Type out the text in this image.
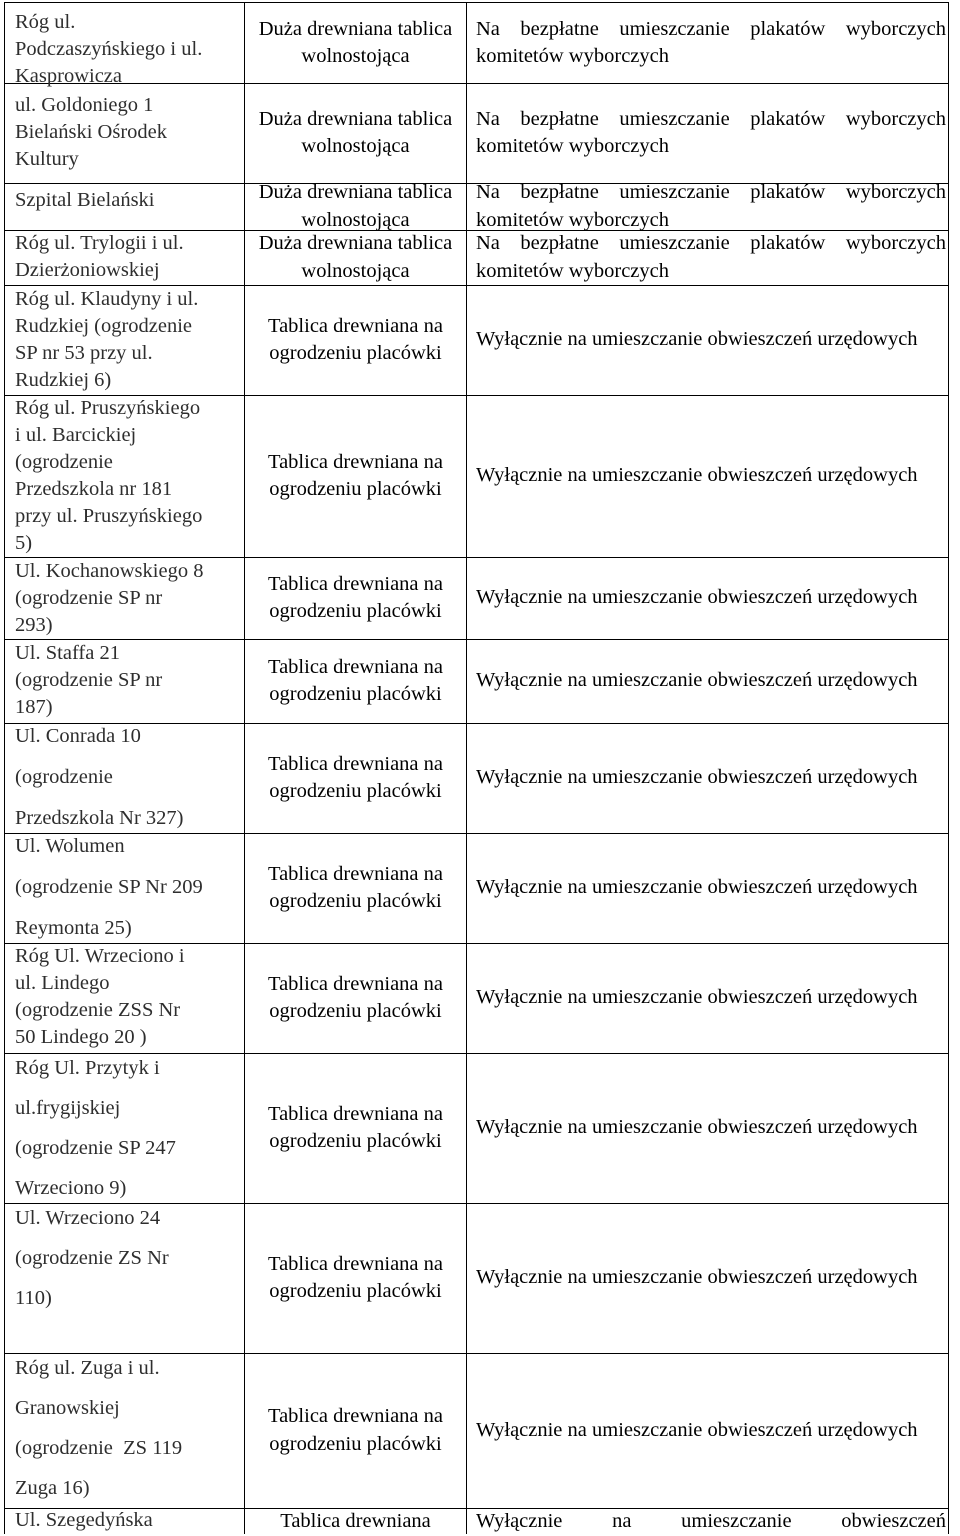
Róg ul.
Podczaszyńskiego i ul.
Kasprowicza
Duża drewniana tablica wolnostojąca
Na bezpłatne umieszczanie plakatów wyborczych komitetów wyborczych
ul. Goldoniego 1
Bielański Ośrodek
Kultury
Duża drewniana tablica wolnostojąca
Na bezpłatne umieszczanie plakatów wyborczych komitetów wyborczych
Szpital Bielański	Duża drewniana tablica wolnostojąca
Na bezpłatne umieszczanie plakatów wyborczych komitetów wyborczych
Róg ul. Trylogii i ul.
Dzierżoniowskiej
Duża drewniana tablica wolnostojąca
Na bezpłatne umieszczanie plakatów wyborczych komitetów wyborczych
Róg ul. Klaudyny i ul.
Rudzkiej (ogrodzenie
SP nr 53 przy ul.
Rudzkiej 6)
Tablica drewniana na ogrodzeniu placówki
Wyłącznie na umieszczanie obwieszczeń urzędowych
Róg ul. Pruszyńskiego
i ul. Barcickiej
(ogrodzenie
Przedszkola nr 181
przy ul. Pruszyńskiego
5)
Tablica drewniana na ogrodzeniu placówki
Wyłącznie na umieszczanie obwieszczeń urzędowych
Ul. Kochanowskiego 8
(ogrodzenie SP nr
293)
Tablica drewniana na ogrodzeniu placówki
Wyłącznie na umieszczanie obwieszczeń urzędowych
Ul. Staffa 21
(ogrodzenie SP nr
187)
Tablica drewniana na ogrodzeniu placówki
Wyłącznie na umieszczanie obwieszczeń urzędowych
Ul. Conrada 10
(ogrodzenie
Przedszkola Nr 327)
Tablica drewniana na ogrodzeniu placówki
Wyłącznie na umieszczanie obwieszczeń urzędowych
Ul. Wolumen
(ogrodzenie SP Nr 209
Reymonta 25)
Tablica drewniana na ogrodzeniu placówki
Wyłącznie na umieszczanie obwieszczeń urzędowych
Róg Ul. Wrzeciono i
ul. Lindego
(ogrodzenie ZSS Nr
50 Lindego 20 )
Tablica drewniana na ogrodzeniu placówki
Wyłącznie na umieszczanie obwieszczeń urzędowych
Róg Ul. Przytyk i
ul.frygijskiej
(ogrodzenie SP 247
Wrzeciono 9)
Tablica drewniana na ogrodzeniu placówki
Wyłącznie na umieszczanie obwieszczeń urzędowych
Ul. Wrzeciono 24
(ogrodzenie ZS Nr
110)
Tablica drewniana na ogrodzeniu placówki
Wyłącznie na umieszczanie obwieszczeń urzędowych
Róg ul. Zuga i ul.
Granowskiej
(ogrodzenie  ZS 119
Zuga 16)
Tablica drewniana na ogrodzeniu placówki
Wyłącznie na umieszczanie obwieszczeń urzędowych
Ul. Szegedyńska	Tablica drewniana Wyłącznie na umieszczanie obwieszczeń
